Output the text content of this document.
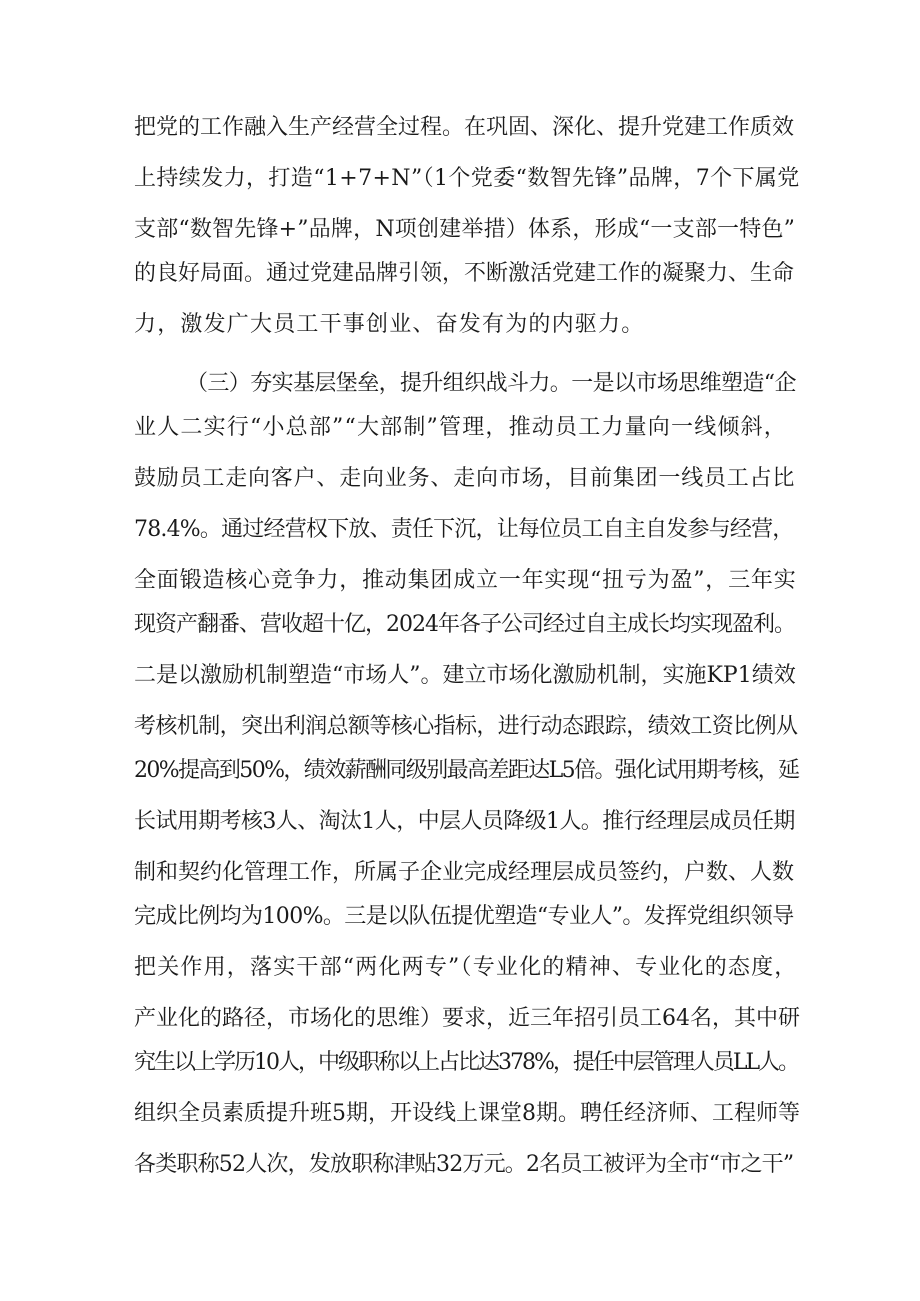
把党的工作融入生产经营全过程。在巩固、深化、提升党建工作质效
上持续发力，打造“1+7+N”（1个党委“数智先锋”品牌，7个下属党
支部“数智先锋+”品牌，N项创建举措）体系，形成“一支部一特色”
的良好局面。通过党建品牌引领，不断激活党建工作的凝聚力、生命
力，激发广大员工干事创业、奋发有为的内驱力。
（三）夯实基层堡垒，提升组织战斗力。一是以市场思维塑造“企
业人二实行“小总部”“大部制”管理，推动员工力量向一线倾斜，
鼓励员工走向客户、走向业务、走向市场，目前集团一线员工占比
78.4%。通过经营权下放、责任下沉，让每位员工自主自发参与经营，
全面锻造核心竞争力，推动集团成立一年实现“扭亏为盈”，三年实
现资产翻番、营收超十亿，2024年各子公司经过自主成长均实现盈利。
二是以激励机制塑造“市场人”。建立市场化激励机制，实施KP1绩效
考核机制，突出利润总额等核心指标，进行动态跟踪，绩效工资比例从
20%提高到50%，绩效薪酬同级别最高差距达L5倍。强化试用期考核，延
长试用期考核3人、淘汰1人，中层人员降级1人。推行经理层成员任期
制和契约化管理工作，所属子企业完成经理层成员签约，户数、人数
完成比例均为100%。三是以队伍提优塑造“专业人”。发挥党组织领导
把关作用，落实干部“两化两专”（专业化的精神、专业化的态度，
产业化的路径，市场化的思维）要求，近三年招引员工64名，其中研
究生以上学历10人，中级职称以上占比达378%，提任中层管理人员LL人。
组织全员素质提升班5期，开设线上课堂8期。聘任经济师、工程师等
各类职称52人次，发放职称津贴32万元。2名员工被评为全市“市之干”
